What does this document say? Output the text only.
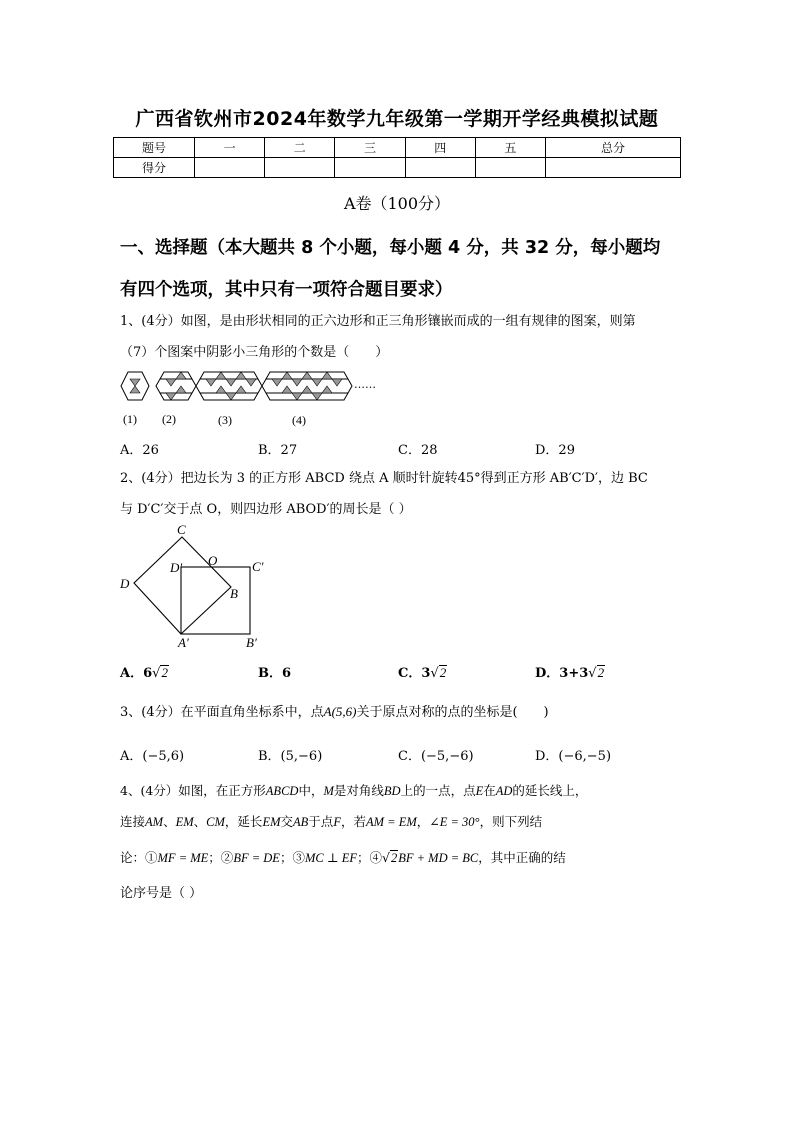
广西省钦州市2024年数学九年级第一学期开学经典模拟试题
题号	一	二	三	四	五	总分
得分						
A卷（100分）
一、选择题（本大题共 8 个小题，每小题 4 分，共 32 分，每小题均
有四个选项，其中只有一项符合题目要求）
1、(4分）如图，是由形状相同的正六边形和正三角形镶嵌而成的一组有规律的图案，则第
（7）个图案中阴影小三角形的个数是（　　）
……
(1) (2)	(3)	(4)
A．26	B．27	C．28	D．29
2、(4分）把边长为 3 的正方形 ABCD 绕点 A 顺时针旋转45°得到正方形 AB′C′D′，边 BC
与 D′C′交于点 O，则四边形 ABOD′的周长是（ ）
C
D′ O	C′
D
B
A′	B′
A．6√2	B．6	C．3√2	D．3+3√2
3、(4分）在平面直角坐标系中，点A(5,6)关于原点对称的点的坐标是(　　)
A．(−5,6)	B．(5,−6)	C．(−5,−6)	D．(−6,−5)
4、(4分）如图，在正方形ABCD中，M是对角线BD上的一点，点E在AD的延长线上，
连接AM、EM、CM，延长EM交AB于点F，若AM = EM，∠E = 30°，则下列结
论：①MF = ME；②BF = DE；③MC ⊥ EF；④√2BF + MD = BC，其中正确的结
论序号是（ ）
